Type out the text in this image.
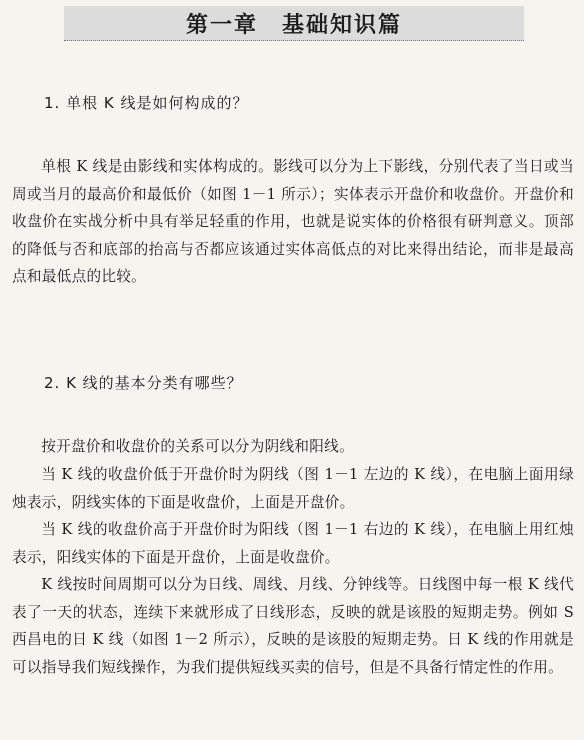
第一章　基础知识篇
1. 单根 K 线是如何构成的？
单根 K 线是由影线和实体构成的。影线可以分为上下影线，分别代表了当日或当周或当月的最高价和最低价（如图 1－1 所示）；实体表示开盘价和收盘价。开盘价和收盘价在实战分析中具有举足轻重的作用，也就是说实体的价格很有研判意义。顶部的降低与否和底部的抬高与否都应该通过实体高低点的对比来得出结论，而非是最高点和最低点的比较。
2. K 线的基本分类有哪些？
按开盘价和收盘价的关系可以分为阴线和阳线。
当 K 线的收盘价低于开盘价时为阴线（图 1－1 左边的 K 线），在电脑上面用绿烛表示，阴线实体的下面是收盘价，上面是开盘价。
当 K 线的收盘价高于开盘价时为阳线（图 1－1 右边的 K 线），在电脑上用红烛表示，阳线实体的下面是开盘价，上面是收盘价。
K 线按时间周期可以分为日线、周线、月线、分钟线等。日线图中每一根 K 线代表了一天的状态，连续下来就形成了日线形态，反映的就是该股的短期走势。例如 S 西昌电的日 K 线（如图 1－2 所示），反映的是该股的短期走势。日 K 线的作用就是可以指导我们短线操作，为我们提供短线买卖的信号，但是不具备行情定性的作用。
